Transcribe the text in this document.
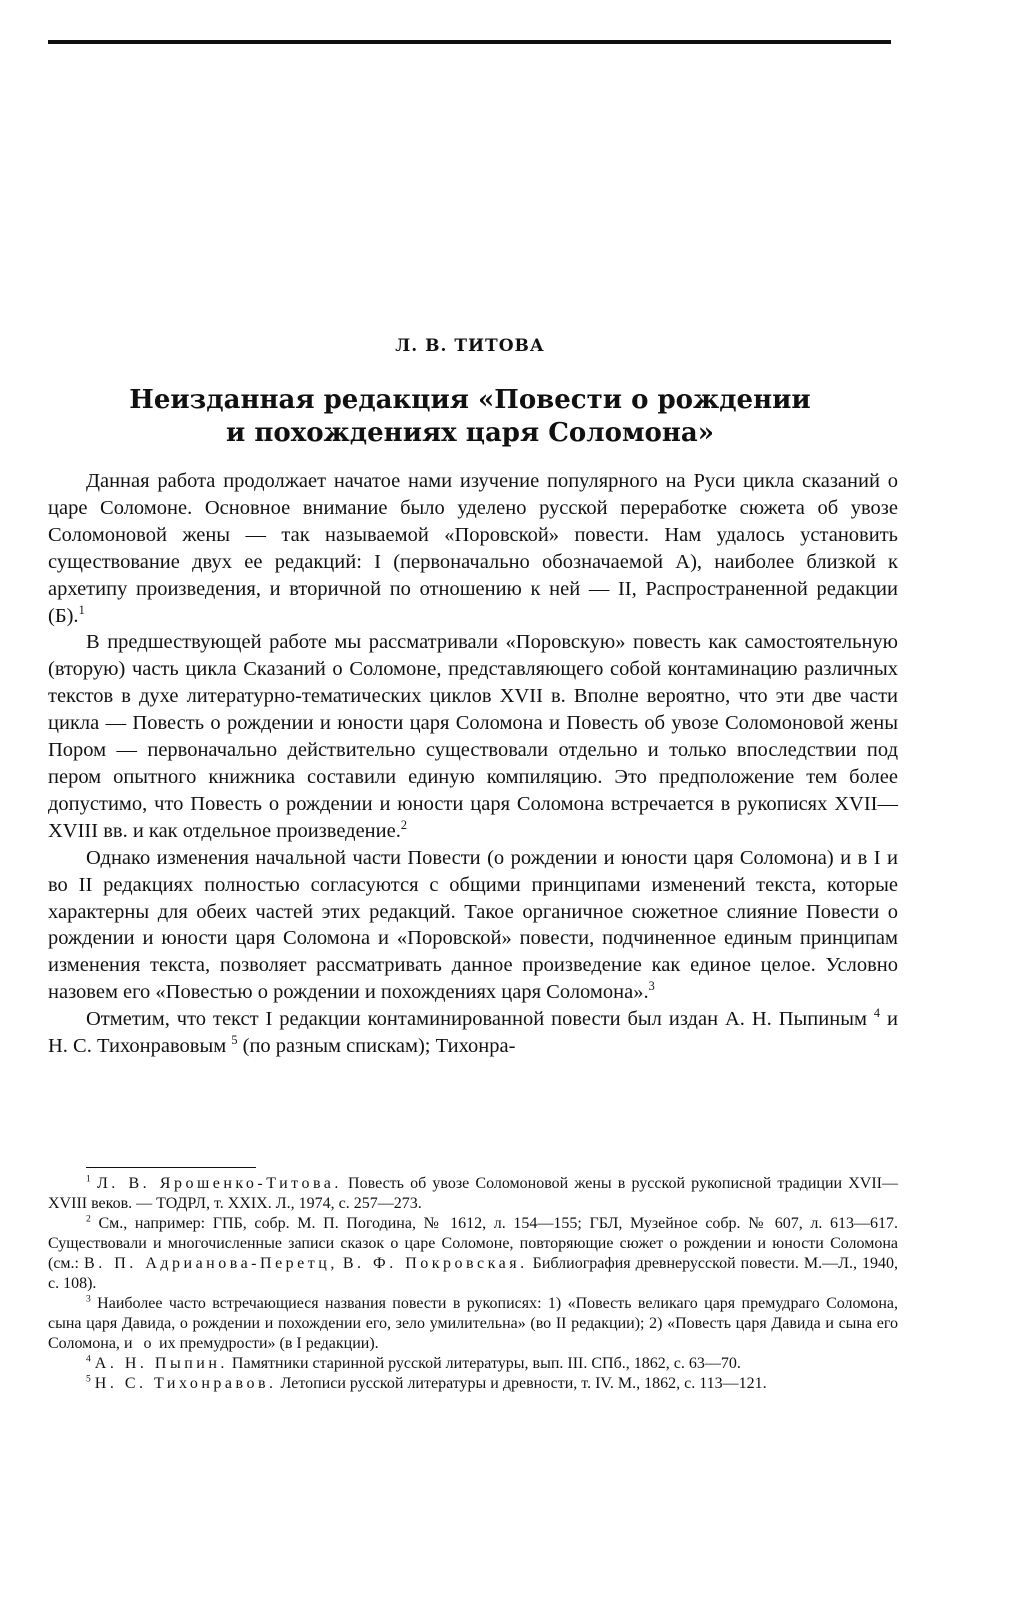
Л. В. ТИТОВА
Неизданная редакция «Повести о рождении
и похождениях царя Соломона»

Данная работа продолжает начатое нами изучение популярного на Руси цикла сказаний о царе Соломоне. Основное внимание было уделено русской переработке сюжета об увозе Соломоновой жены — так называемой «Поровской» повести. Нам удалось установить существование двух ее редакций: I (первоначально обозначаемой А), наиболее близкой к архетипу произведения, и вторичной по отношению к ней — II, Распространенной редакции (Б).$^1$

В предшествующей работе мы рассматривали «Поровскую» повесть как самостоятельную (вторую) часть цикла Сказаний о Соломоне, представляющего собой контаминацию различных текстов в духе литературно-тематических циклов XVII в. Вполне вероятно, что эти две части цикла — Повесть о рождении и юности царя Соломона и Повесть об увозе Соломоновой жены Пором — первоначально действительно существовали отдельно и только впоследствии под пером опытного книжника составили единую компиляцию. Это предположение тем более допустимо, что Повесть о рождении и юности царя Соломона встречается в рукописях XVII—XVIII вв. и как отдельное произведение.$^2$

Однако изменения начальной части Повести (о рождении и юности царя Соломона) и в I и во II редакциях полностью согласуются с общими принципами изменений текста, которые характерны для обеих частей этих редакций. Такое органичное сюжетное слияние Повести о рождении и юности царя Соломона и «Поровской» повести, подчиненное единым принципам изменения текста, позволяет рассматривать данное произведение как единое целое. Условно назовем его «Повестью о рождении и похождениях царя Соломона».$^3$

Отметим, что текст I редакции контаминированной повести был издан А. Н. Пыпиным $^4$ и Н. С. Тихонравовым $^5$ (по разным спискам); Тихонра-

$^1$ Л. В. Ярошенко-Титова. Повесть об увозе Соломоновой жены в русской рукописной традиции XVII—XVIII веков. — ТОДРЛ, т. XXIX. Л., 1974, с. 257—273.

$^2$ См., например: ГПБ, собр. М. П. Погодина, № 1612, л. 154—155; ГБЛ, Музейное собр. № 607, л. 613—617. Существовали и многочисленные записи сказок о царе Соломоне, повторяющие сюжет о рождении и юности Соломона (см.: В. П. Адрианова-Перетц, В. Ф. Покровская. Библиография древнерусской повести. М.—Л., 1940, с. 108).

$^3$ Наиболее часто встречающиеся названия повести в рукописях: 1) «Повесть великаго царя премудраго Соломона, сына царя Давида, о рождении и похождении его, зело умилительна» (во II редакции); 2) «Повесть царя Давида и сына его Соломона, и о их премудрости» (в I редакции).

$^4$ А. Н. Пыпин. Памятники старинной русской литературы, вып. III. СПб., 1862, с. 63—70.

$^5$ Н. С. Тихонравов. Летописи русской литературы и древности, т. IV. М., 1862, с. 113—121.
